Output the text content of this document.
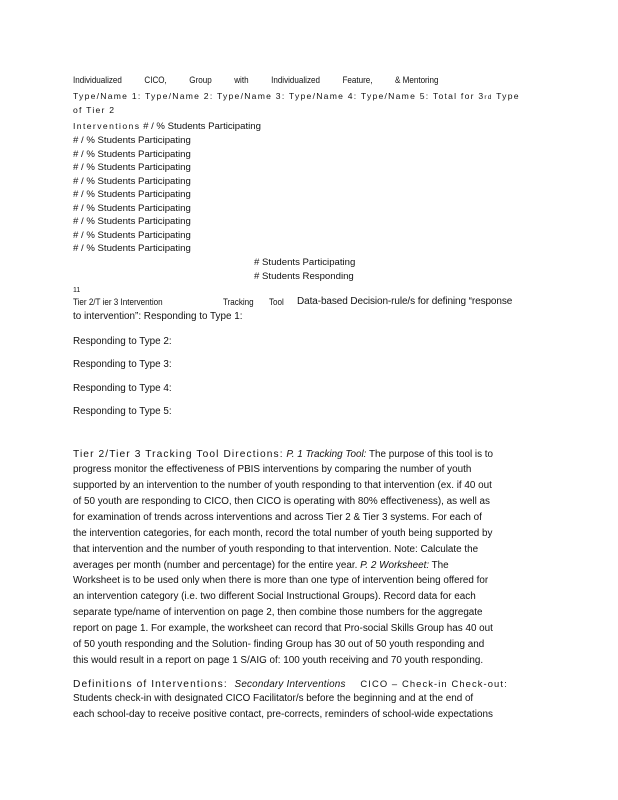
Individualized CICO, Group with Individualized Feature, & Mentoring
Type/Name 1: Type/Name 2: Type/Name 3: Type/Name 4: Type/Name 5: Total for 3rd Type
of Tier 2
Interventions # / % Students Participating
# / % Students Participating
# / % Students Participating
# / % Students Participating
# / % Students Participating
# / % Students Participating
# / % Students Participating
# / % Students Participating
# / % Students Participating
# / % Students Participating
# Students Participating
# Students Responding
11
Tier 2/T ier 3 Intervention	Tracking	Tool	Data-based Decision-rule/s for defining “response
to intervention”: Responding to Type 1:
Responding to Type 2:
Responding to Type 3:
Responding to Type 4:
Responding to Type 5:
Tier 2/Tier 3 Tracking Tool Directions: P. 1 Tracking Tool: The purpose of this tool is to
progress monitor the effectiveness of PBIS interventions by comparing the number of youth
supported by an intervention to the number of youth responding to that intervention (ex. if 40 out
of 50 youth are responding to CICO, then CICO is operating with 80% effectiveness), as well as
for examination of trends across interventions and across Tier 2 & Tier 3 systems. For each of
the intervention categories, for each month, record the total number of youth being supported by
that intervention and the number of youth responding to that intervention. Note: Calculate the
averages per month (number and percentage) for the entire year. P. 2 Worksheet: The
Worksheet is to be used only when there is more than one type of intervention being offered for
an intervention category (i.e. two different Social Instructional Groups). Record data for each
separate type/name of intervention on page 2, then combine those numbers for the aggregate
report on page 1. For example, the worksheet can record that Pro-social Skills Group has 40 out
of 50 youth responding and the Solution- finding Group has 30 out of 50 youth responding and
this would result in a report on page 1 S/AIG of: 100 youth receiving and 70 youth responding.
Definitions of Interventions: Secondary Interventions CICO – Check-in Check-out:
Students check-in with designated CICO Facilitator/s before the beginning and at the end of
each school-day to receive positive contact, pre-corrects, reminders of school-wide expectations
